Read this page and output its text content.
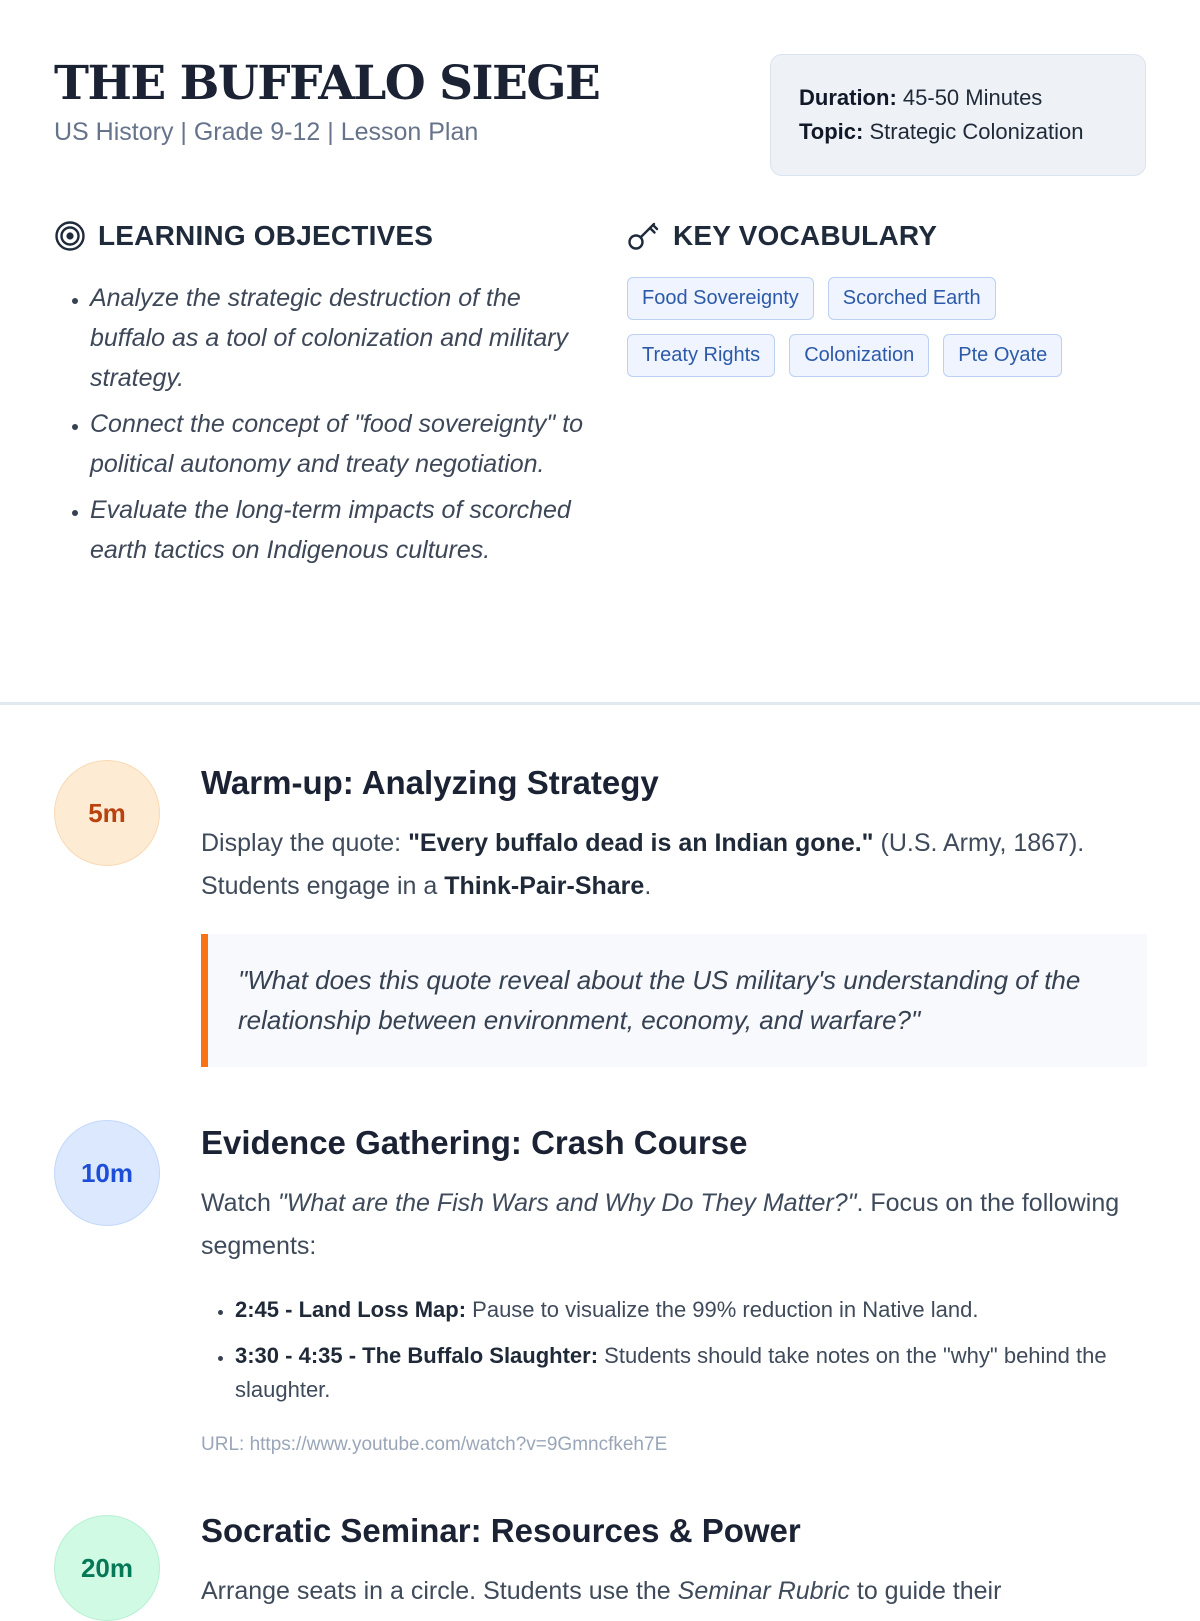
THE BUFFALO SIEGE
US History | Grade 9-12 | Lesson Plan
Duration: 45-50 Minutes
Topic: Strategic Colonization
LEARNING OBJECTIVES
• Analyze the strategic destruction of the buffalo as a tool of colonization and military strategy.
• Connect the concept of "food sovereignty" to political autonomy and treaty negotiation.
• Evaluate the long-term impacts of scorched earth tactics on Indigenous cultures.
KEY VOCABULARY
Food Sovereignty	Scorched Earth
Treaty Rights	Colonization	Pte Oyate
5m
Warm-up: Analyzing Strategy

Display the quote: "Every buffalo dead is an Indian gone." (U.S. Army, 1867). Students engage in a Think-Pair-Share.

"What does this quote reveal about the US military's understanding of the relationship between environment, economy, and warfare?"
10m
Evidence Gathering: Crash Course

Watch "What are the Fish Wars and Why Do They Matter?". Focus on the following segments:

• 2:45 - Land Loss Map: Pause to visualize the 99% reduction in Native land.
• 3:30 - 4:35 - The Buffalo Slaughter: Students should take notes on the "why" behind the slaughter.
URL: https://www.youtube.com/watch?v=9Gmncfkeh7E
20m
Socratic Seminar: Resources & Power

Arrange seats in a circle. Students use the Seminar Rubric to guide their
